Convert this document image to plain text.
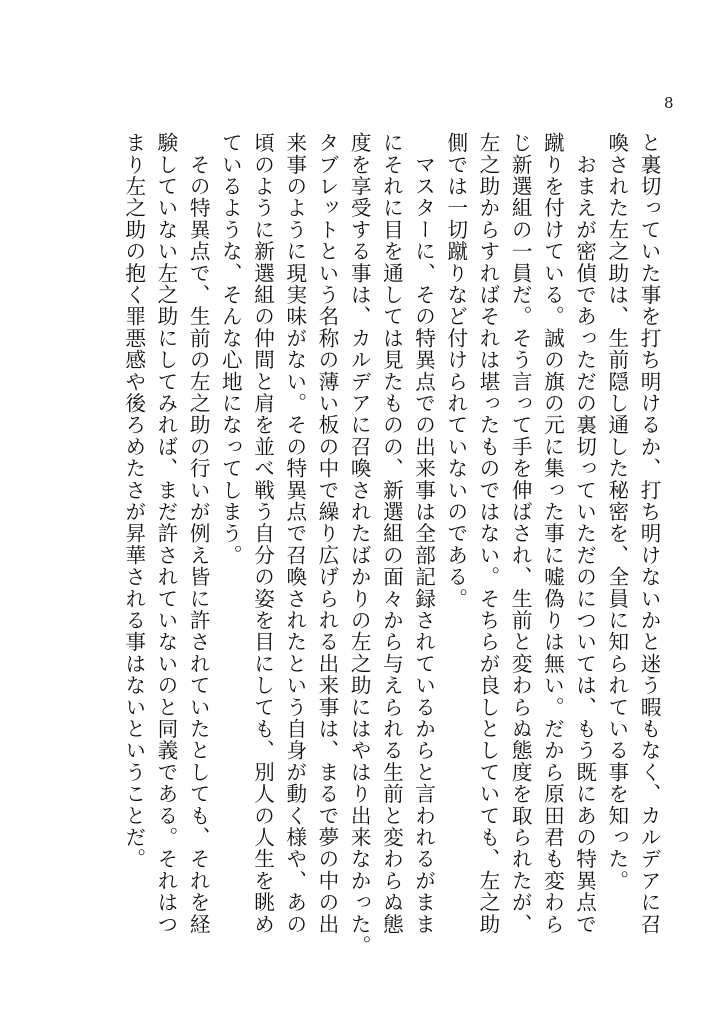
8

と裏切っていた事を打ち明けるか、打ち明けないかと迷う暇もなく、カルデアに召

喚された左之助は、生前隠し通した秘密を、全員に知られている事を知った。

　おまえが密偵であっただの裏切っていただのについては、もう既にあの特異点で

蹴りを付けている。誠の旗の元に集った事に嘘偽りは無い。だから原田君も変わら

じ新選組の一員だ。そう言って手を伸ばされ、生前と変わらぬ態度を取られたが、

左之助からすればそれは堪ったものではない。そちらが良しとしていても、左之助

側では一切蹴りなど付けられていないのである。

　マスターに、その特異点での出来事は全部記録されているからと言われるがまま

にそれに目を通しては見たものの、新選組の面々から与えられる生前と変わらぬ態

度を享受する事は、カルデアに召喚されたばかりの左之助にはやはり出来なかった。

タブレットという名称の薄い板の中で繰り広げられる出来事は、まるで夢の中の出

来事のように現実味がない。その特異点で召喚されたという自身が動く様や、あの

頃のように新選組の仲間と肩を並べ戦う自分の姿を目にしても、別人の人生を眺め

ているような、そんな心地になってしまう。

　その特異点で、生前の左之助の行いが例え皆に許されていたとしても、それを経

験していない左之助にしてみれば、まだ許されていないのと同義である。それはつ

まり左之助の抱く罪悪感や後ろめたさが昇華される事はないということだ。
